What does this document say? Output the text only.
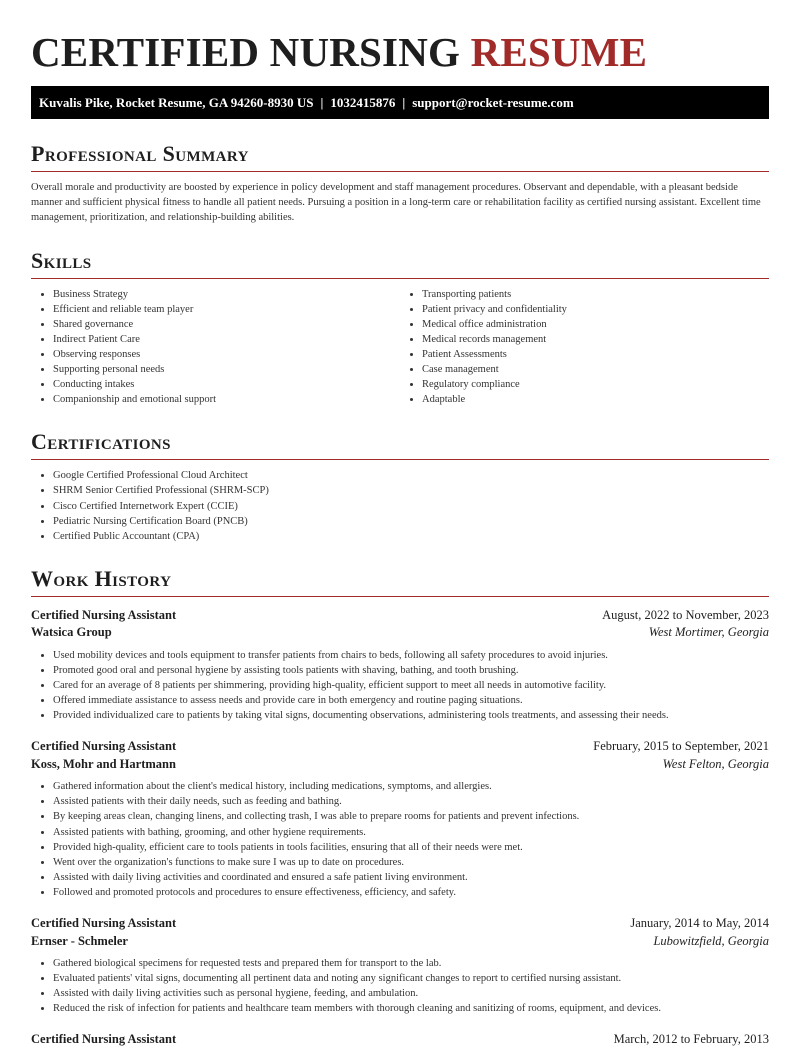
CERTIFIED NURSING RESUME
Kuvalis Pike, Rocket Resume, GA 94260-8930 US | 1032415876 | support@rocket-resume.com
Professional Summary

Overall morale and productivity are boosted by experience in policy development and staff management procedures. Observant and dependable, with a pleasant bedside manner and sufficient physical fitness to handle all patient needs. Pursuing a position in a long-term care or rehabilitation facility as certified nursing assistant. Excellent time management, prioritization, and relationship-building abilities.

Skills
• Business Strategy
• Efficient and reliable team player
• Shared governance
• Indirect Patient Care
• Observing responses
• Supporting personal needs
• Conducting intakes
• Companionship and emotional support
• Transporting patients
• Patient privacy and confidentiality
• Medical office administration
• Medical records management
• Patient Assessments
• Case management
• Regulatory compliance
• Adaptable
Certifications
• Google Certified Professional Cloud Architect
• SHRM Senior Certified Professional (SHRM-SCP)
• Cisco Certified Internetwork Expert (CCIE)
• Pediatric Nursing Certification Board (PNCB)
• Certified Public Accountant (CPA)
Work History
Certified Nursing Assistant	August, 2022 to November, 2023
Watsica Group	West Mortimer, Georgia
• Used mobility devices and tools equipment to transfer patients from chairs to beds, following all safety procedures to avoid injuries.
• Promoted good oral and personal hygiene by assisting tools patients with shaving, bathing, and tooth brushing.
• Cared for an average of 8 patients per shimmering, providing high-quality, efficient support to meet all needs in automotive facility.
• Offered immediate assistance to assess needs and provide care in both emergency and routine paging situations.
• Provided individualized care to patients by taking vital signs, documenting observations, administering tools treatments, and assessing their needs.
Certified Nursing Assistant	February, 2015 to September, 2021
Koss, Mohr and Hartmann	West Felton, Georgia
• Gathered information about the client's medical history, including medications, symptoms, and allergies.
• Assisted patients with their daily needs, such as feeding and bathing.
• By keeping areas clean, changing linens, and collecting trash, I was able to prepare rooms for patients and prevent infections.
• Assisted patients with bathing, grooming, and other hygiene requirements.
• Provided high-quality, efficient care to tools patients in tools facilities, ensuring that all of their needs were met.
• Went over the organization's functions to make sure I was up to date on procedures.
• Assisted with daily living activities and coordinated and ensured a safe patient living environment.
• Followed and promoted protocols and procedures to ensure effectiveness, efficiency, and safety.
Certified Nursing Assistant	January, 2014 to May, 2014
Ernser - Schmeler	Lubowitzfield, Georgia
• Gathered biological specimens for requested tests and prepared them for transport to the lab.
• Evaluated patients' vital signs, documenting all pertinent data and noting any significant changes to report to certified nursing assistant.
• Assisted with daily living activities such as personal hygiene, feeding, and ambulation.
• Reduced the risk of infection for patients and healthcare team members with thorough cleaning and sanitizing of rooms, equipment, and devices.
Certified Nursing Assistant	March, 2012 to February, 2013
